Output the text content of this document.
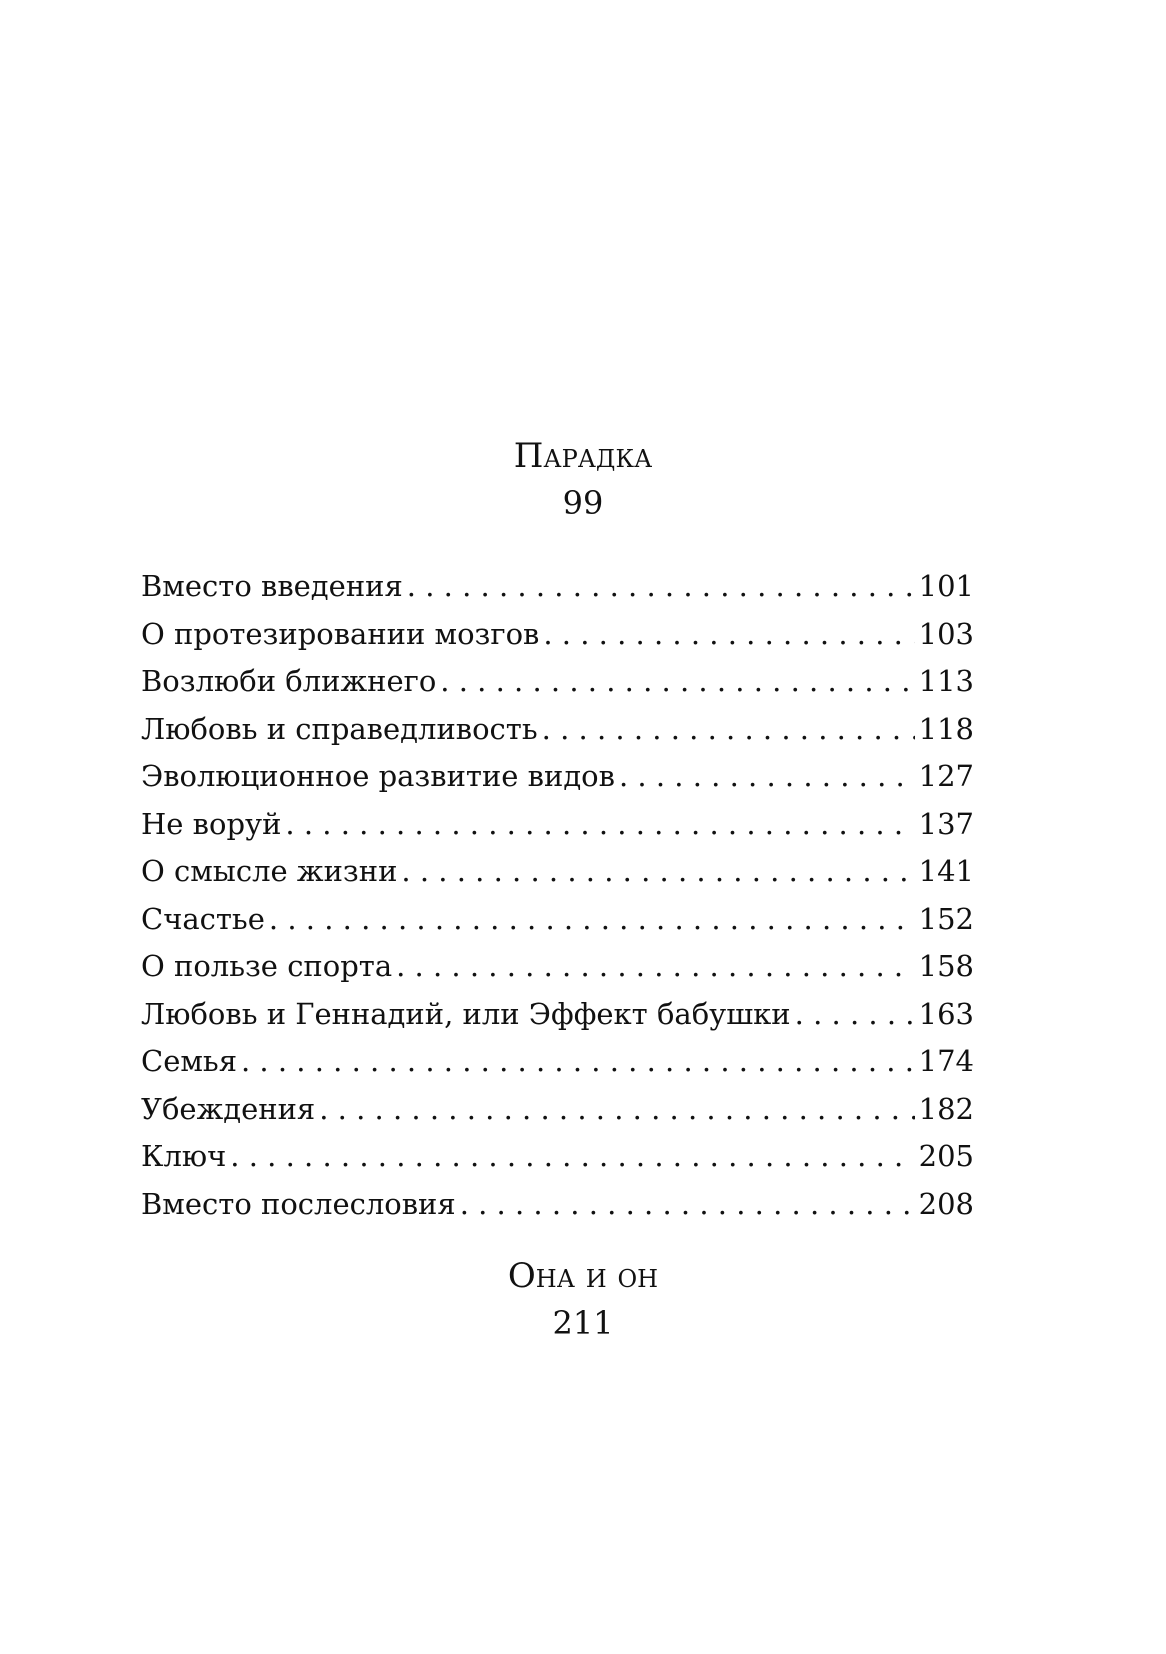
Парадка
99
Вместо введения . . .	101
О протезировании мозгов . . .	103
Возлюби ближнего . . .	113
Любовь и справедливость . . .	118
Эволюционное развитие видов . . .	127
Не воруй . . .	137
О смысле жизни . . .	141
Счастье . . .	152
О пользе спорта . . .	158
Любовь и Геннадий, или Эффект бабушки . . .	163
Семья . . .	174
Убеждения . . .	182
Ключ . . .	205
Вместо послесловия . . .	208
Она и он
211
